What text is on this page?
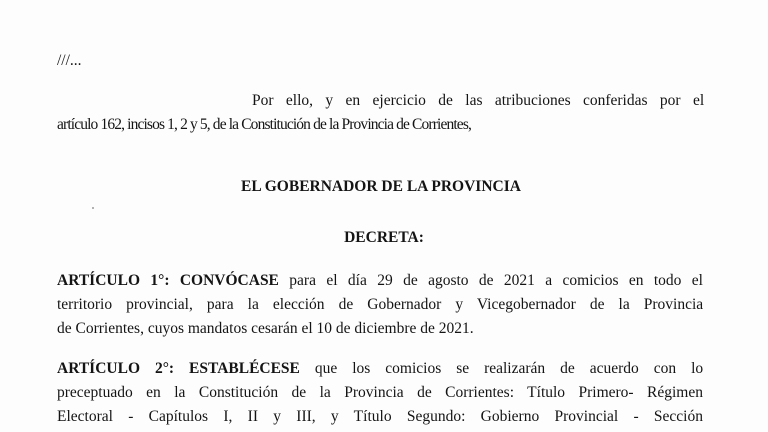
///...
Por ello, y en ejercicio de las atribuciones conferidas por el
artículo 162, incisos 1, 2 y 5, de la Constitución de la Provincia de Corrientes,
EL GOBERNADOR DE LA PROVINCIA
DECRETA:
ARTÍCULO 1°: CONVÓCASE para el día 29 de agosto de 2021 a comicios en todo el
territorio provincial, para la elección de Gobernador y Vicegobernador de la Provincia
de Corrientes, cuyos mandatos cesarán el 10 de diciembre de 2021.
ARTÍCULO 2°: ESTABLÉCESE que los comicios se realizarán de acuerdo con lo
preceptuado en la Constitución de la Provincia de Corrientes: Título Primero- Régimen
Electoral - Capítulos I, II y III, y Título Segundo: Gobierno Provincial - Sección
